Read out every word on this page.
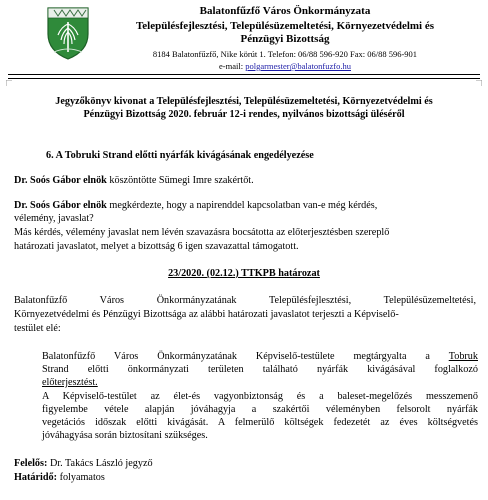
Balatonfűzfő Város Önkormányzata
Településfejlesztési, Településüzemeltetési, Környezetvédelmi és
Pénzügyi Bizottság
8184 Balatonfűzfő, Nike körút 1. Telefon: 06/88 596-920 Fax: 06/88 596-901
e-mail: polgarmester@balatonfuzfo.hu
Jegyzőkönyv kivonat a Településfejlesztési, Településüzemeltetési, Környezetvédelmi és
Pénzügyi Bizottság 2020. február 12-i rendes, nyilvános bizottsági üléséről
6. A Tobruki Strand előtti nyárfák kivágásának engedélyezése
Dr. Soós Gábor elnök köszöntötte Sümegi Imre szakértőt.
Dr. Soós Gábor elnök megkérdezte, hogy a napirenddel kapcsolatban van-e még kérdés,
vélemény, javaslat?
Más kérdés, vélemény javaslat nem lévén szavazásra bocsátotta az előterjesztésben szereplő
határozati javaslatot, melyet a bizottság 6 igen szavazattal támogatott.
23/2020. (02.12.) TTKPB határozat
Balatonfűzfő Város Önkormányzatának Településfejlesztési, Településüzemeltetési,
Környezetvédelmi és Pénzügyi Bizottsága az alábbi határozati javaslatot terjeszti a Képviselő-
testület elé:
Balatonfűzfő Város Önkormányzatának Képviselő-testülete megtárgyalta a Tobruk
Strand előtti önkormányzati területen található nyárfák kivágásával foglalkozó
előterjesztést.
A Képviselő-testület az élet-és vagyonbiztonság és a baleset-megelőzés messzemenő
figyelembe vétele alapján jóváhagyja a szakértői véleményben felsorolt nyárfák
vegetációs időszak előtti kivágását. A felmerülő költségek fedezetét az éves költségvetés
jóváhagyása során biztosítani szükséges.
Felelős: Dr. Takács László jegyző
Határidő: folyamatos
